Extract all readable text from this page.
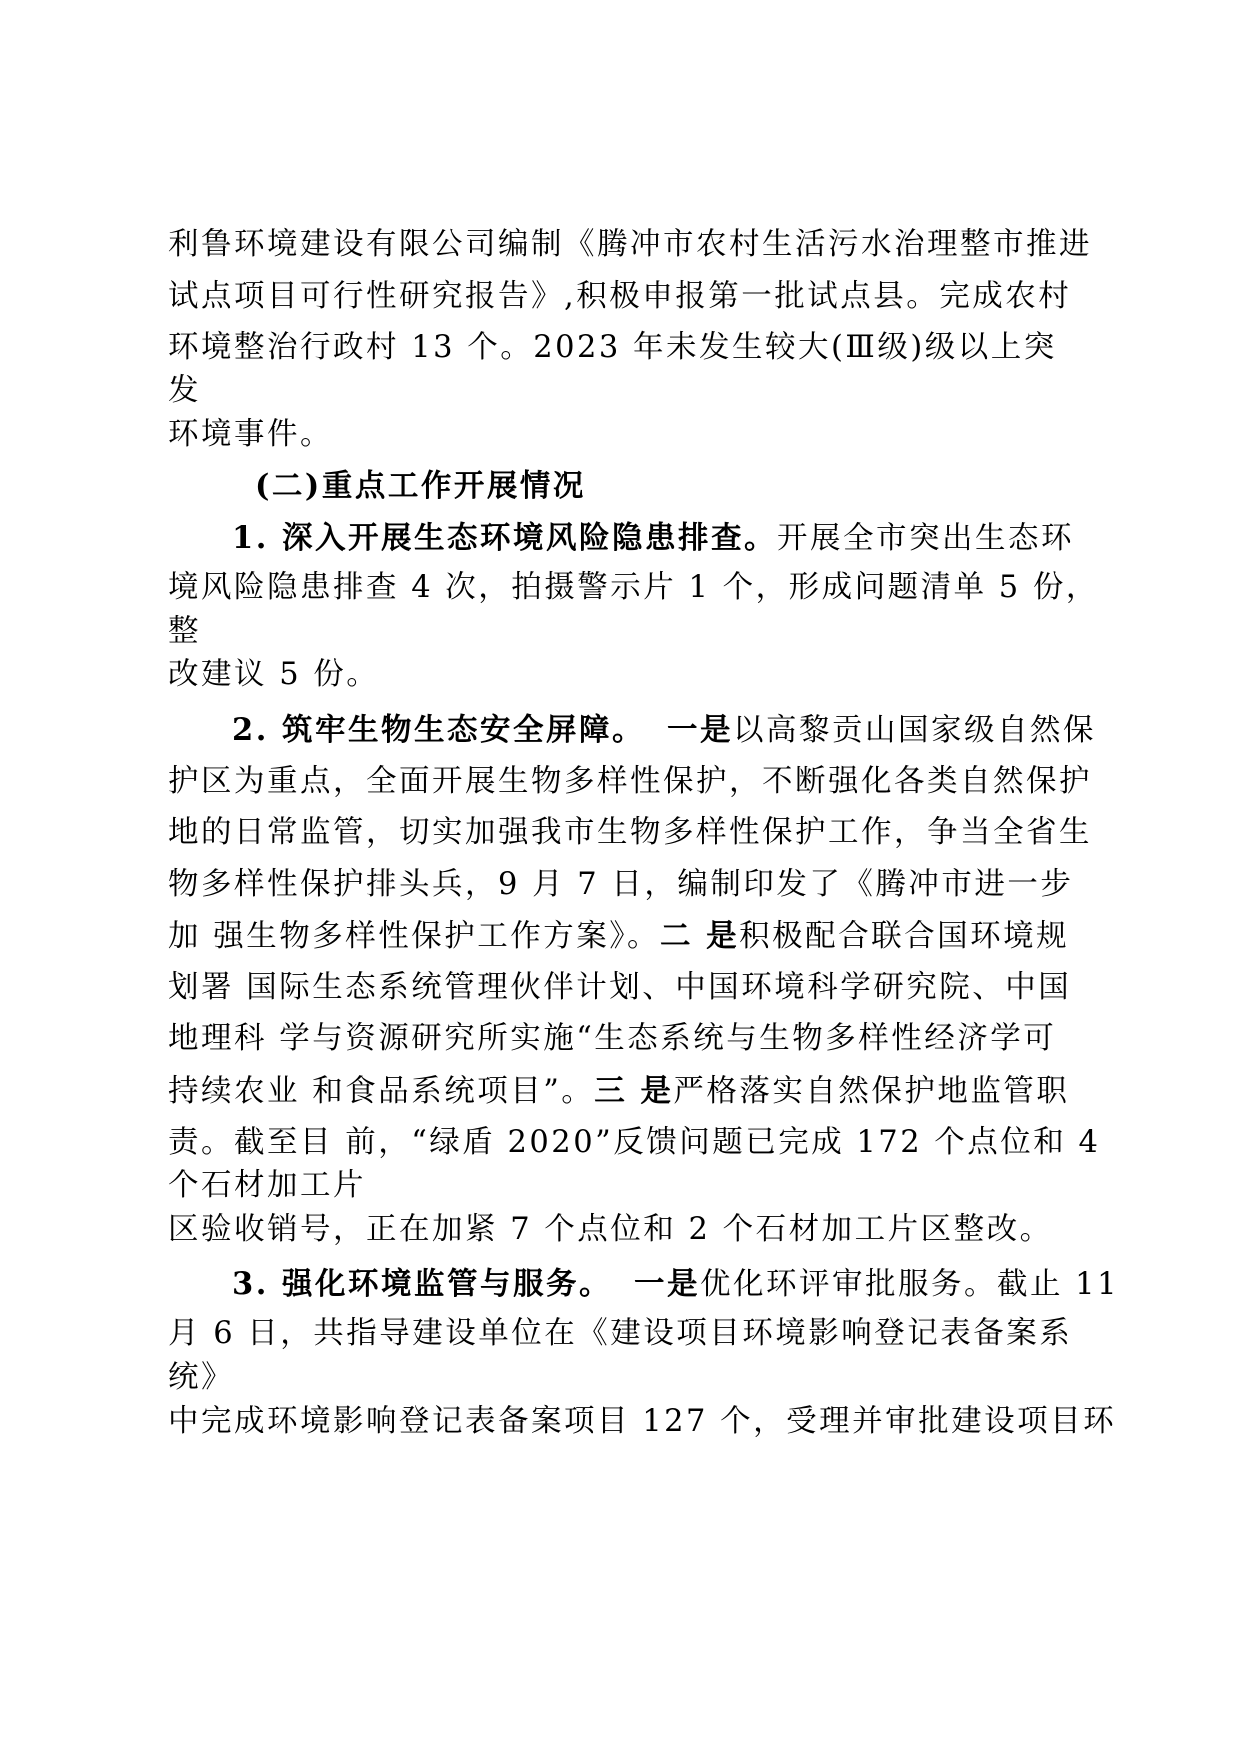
利鲁环境建设有限公司编制《腾冲市农村生活污水治理整市推进
试点项目可行性研究报告》,积极申报第一批试点县。完成农村
环境整治行政村 13 个。2023 年未发生较大(Ⅲ级)级以上突
发
环境事件。
(二)重点工作开展情况
1. 深入开展生态环境风险隐患排查。开展全市突出生态环
境风险隐患排查 4 次，拍摄警示片 1 个，形成问题清单 5 份，
整
改建议 5 份。
2. 筑牢生物生态安全屏障。 一是以高黎贡山国家级自然保
护区为重点，全面开展生物多样性保护，不断强化各类自然保护
地的日常监管，切实加强我市生物多样性保护工作，争当全省生
物多样性保护排头兵，9 月 7 日，编制印发了《腾冲市进一步
加 强生物多样性保护工作方案》。二 是积极配合联合国环境规
划署 国际生态系统管理伙伴计划、中国环境科学研究院、中国
地理科 学与资源研究所实施“生态系统与生物多样性经济学可
持续农业 和食品系统项目”。三 是严格落实自然保护地监管职
责。截至目 前，“绿盾 2020”反馈问题已完成 172 个点位和 4
个石材加工片
区验收销号，正在加紧 7 个点位和 2 个石材加工片区整改。
3. 强化环境监管与服务。 一是优化环评审批服务。截止 11
月 6 日，共指导建设单位在《建设项目环境影响登记表备案系
统》
中完成环境影响登记表备案项目 127 个，受理并审批建设项目环
